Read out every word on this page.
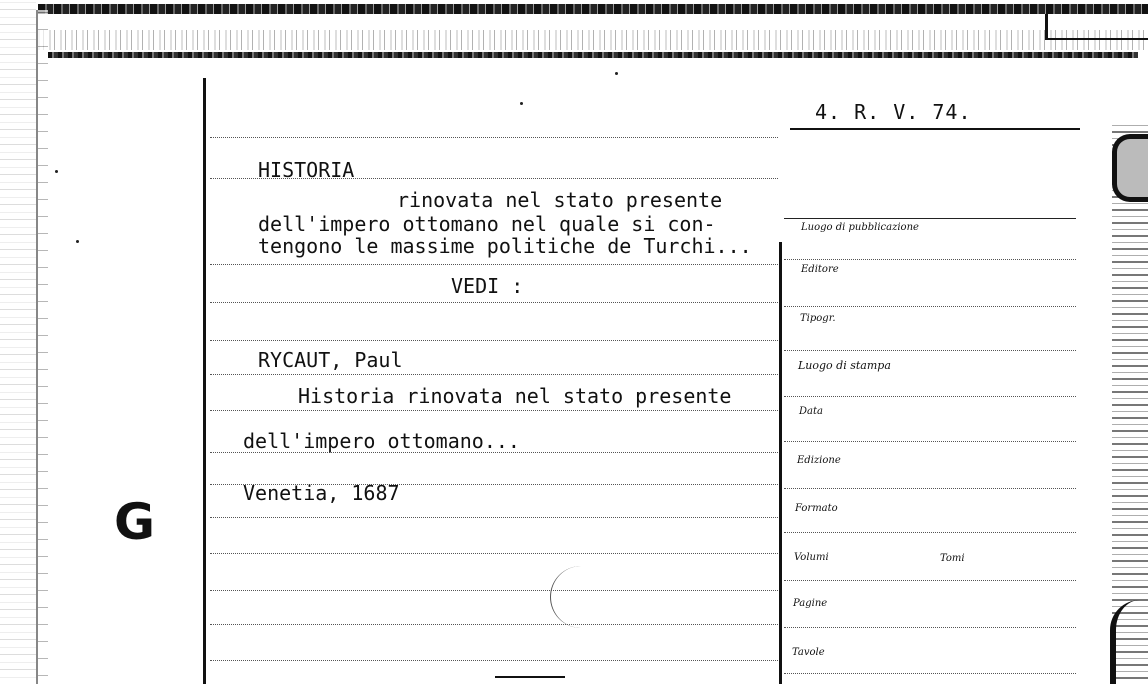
4. R. V. 74.
HISTORIA
rinovata nel stato presente
dell'impero ottomano nel quale si con-
tengono le massime politiche de Turchi...
VEDI :
RYCAUT, Paul
Historia rinovata nel stato presente
dell'impero ottomano...
Venetia, 1687
Luogo di pubblicazione
Editore
Tipogr.
Luogo di stampa
Data
Edizione
Formato
Volumi	Tomi
Pagine
Tavole
G
